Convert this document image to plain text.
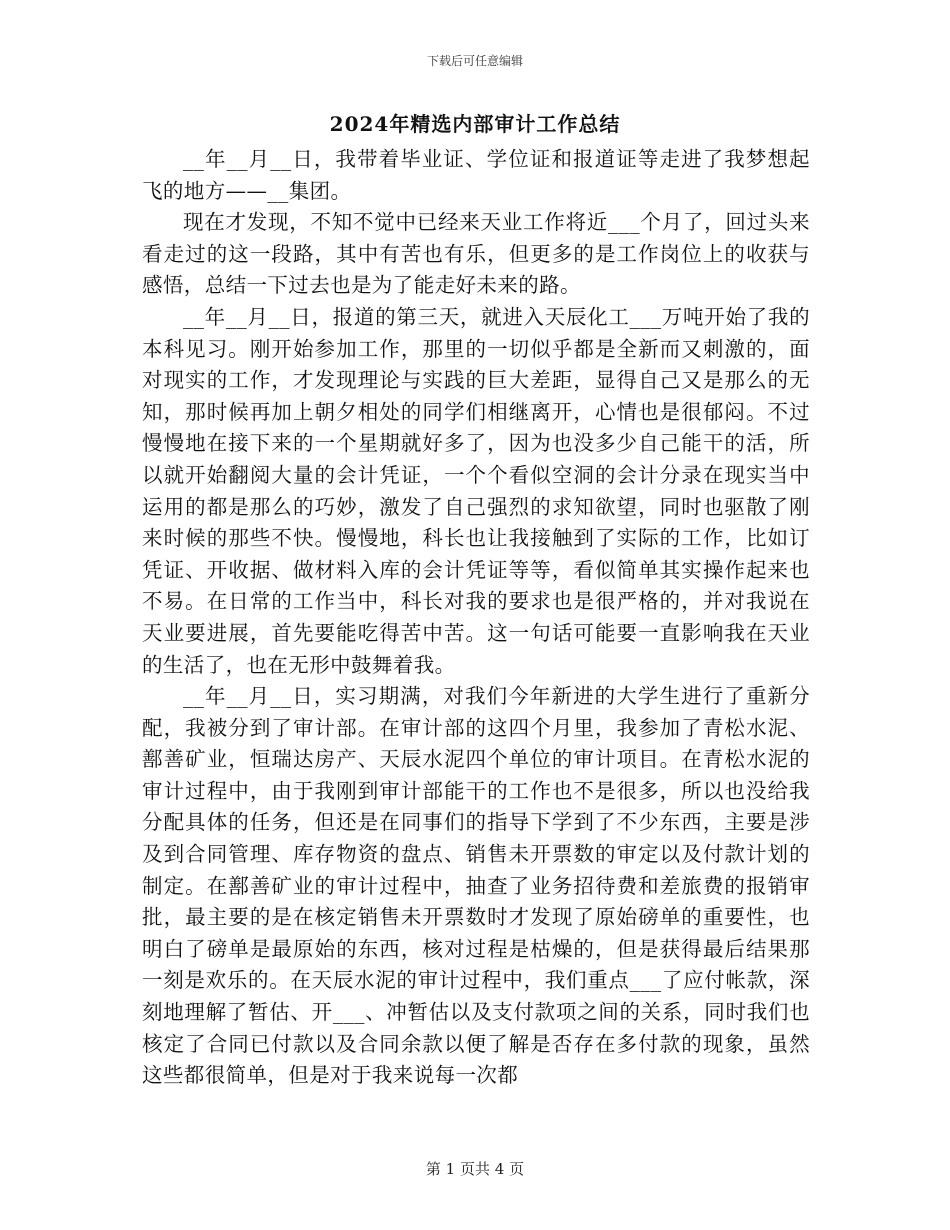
下载后可任意编辑
2024年精选内部审计工作总结

__年__月__日，我带着毕业证、学位证和报道证等走进了我梦想起飞的地方——__集团。

现在才发现，不知不觉中已经来天业工作将近___个月了，回过头来看走过的这一段路，其中有苦也有乐，但更多的是工作岗位上的收获与感悟，总结一下过去也是为了能走好未来的路。

__年__月__日，报道的第三天，就进入天辰化工___万吨开始了我的本科见习。刚开始参加工作，那里的一切似乎都是全新而又刺激的，面对现实的工作，才发现理论与实践的巨大差距，显得自己又是那么的无知，那时候再加上朝夕相处的同学们相继离开，心情也是很郁闷。不过慢慢地在接下来的一个星期就好多了，因为也没多少自己能干的活，所以就开始翻阅大量的会计凭证，一个个看似空洞的会计分录在现实当中运用的都是那么的巧妙，激发了自己强烈的求知欲望，同时也驱散了刚来时候的那些不快。慢慢地，科长也让我接触到了实际的工作，比如订凭证、开收据、做材料入库的会计凭证等等，看似简单其实操作起来也不易。在日常的工作当中，科长对我的要求也是很严格的，并对我说在天业要进展，首先要能吃得苦中苦。这一句话可能要一直影响我在天业的生活了，也在无形中鼓舞着我。

__年__月__日，实习期满，对我们今年新进的大学生进行了重新分配，我被分到了审计部。在审计部的这四个月里，我参加了青松水泥、鄯善矿业，恒瑞达房产、天辰水泥四个单位的审计项目。在青松水泥的审计过程中，由于我刚到审计部能干的工作也不是很多，所以也没给我分配具体的任务，但还是在同事们的指导下学到了不少东西，主要是涉及到合同管理、库存物资的盘点、销售未开票数的审定以及付款计划的制定。在鄯善矿业的审计过程中，抽查了业务招待费和差旅费的报销审批，最主要的是在核定销售未开票数时才发现了原始磅单的重要性，也明白了磅单是最原始的东西，核对过程是枯燥的，但是获得最后结果那一刻是欢乐的。在天辰水泥的审计过程中，我们重点___了应付帐款，深刻地理解了暂估、开___、冲暂估以及支付款项之间的关系，同时我们也核定了合同已付款以及合同余款以便了解是否存在多付款的现象，虽然这些都很简单，但是对于我来说每一次都

第 1 页共 4 页
